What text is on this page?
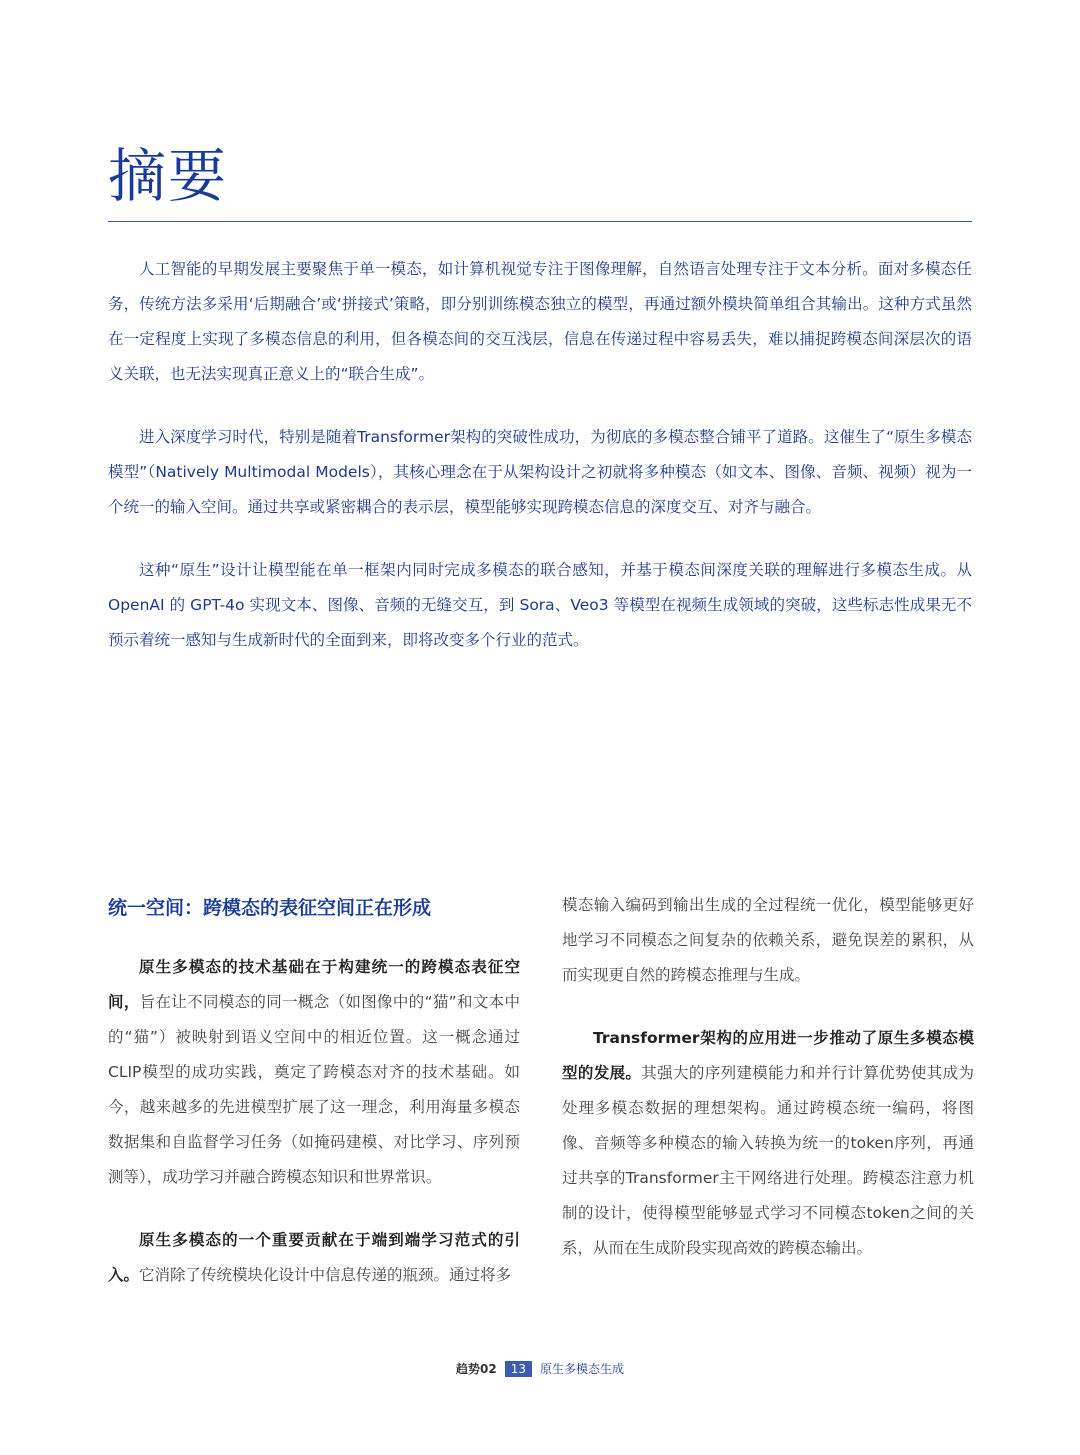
摘要

人工智能的早期发展主要聚焦于单一模态，如计算机视觉专注于图像理解，自然语言处理专注于文本分析。面对多模态任务，传统方法多采用‘后期融合’或‘拼接式’策略，即分别训练模态独立的模型，再通过额外模块简单组合其输出。这种方式虽然在一定程度上实现了多模态信息的利用，但各模态间的交互浅层，信息在传递过程中容易丢失，难以捕捉跨模态间深层次的语义关联，也无法实现真正意义上的“联合生成”。

进入深度学习时代，特别是随着Transformer架构的突破性成功，为彻底的多模态整合铺平了道路。这催生了“原生多模态模型”（Natively Multimodal Models），其核心理念在于从架构设计之初就将多种模态（如文本、图像、音频、视频）视为一个统一的输入空间。通过共享或紧密耦合的表示层，模型能够实现跨模态信息的深度交互、对齐与融合。

这种“原生”设计让模型能在单一框架内同时完成多模态的联合感知，并基于模态间深度关联的理解进行多模态生成。从OpenAI 的 GPT-4o 实现文本、图像、音频的无缝交互，到 Sora、Veo3 等模型在视频生成领域的突破，这些标志性成果无不预示着统一感知与生成新时代的全面到来，即将改变多个行业的范式。

统一空间：跨模态的表征空间正在形成

原生多模态的技术基础在于构建统一的跨模态表征空间，旨在让不同模态的同一概念（如图像中的“猫”和文本中的“猫”）被映射到语义空间中的相近位置。这一概念通过CLIP模型的成功实践，奠定了跨模态对齐的技术基础。如今，越来越多的先进模型扩展了这一理念，利用海量多模态数据集和自监督学习任务（如掩码建模、对比学习、序列预测等），成功学习并融合跨模态知识和世界常识。

原生多模态的一个重要贡献在于端到端学习范式的引入。它消除了传统模块化设计中信息传递的瓶颈。通过将多

模态输入编码到输出生成的全过程统一优化，模型能够更好地学习不同模态之间复杂的依赖关系，避免误差的累积，从而实现更自然的跨模态推理与生成。

Transformer架构的应用进一步推动了原生多模态模型的发展。其强大的序列建模能力和并行计算优势使其成为处理多模态数据的理想架构。通过跨模态统一编码，将图像、音频等多种模态的输入转换为统一的token序列，再通过共享的Transformer主干网络进行处理。跨模态注意力机制的设计，使得模型能够显式学习不同模态token之间的关系，从而在生成阶段实现高效的跨模态输出。

趋势02	13	原生多模态生成
